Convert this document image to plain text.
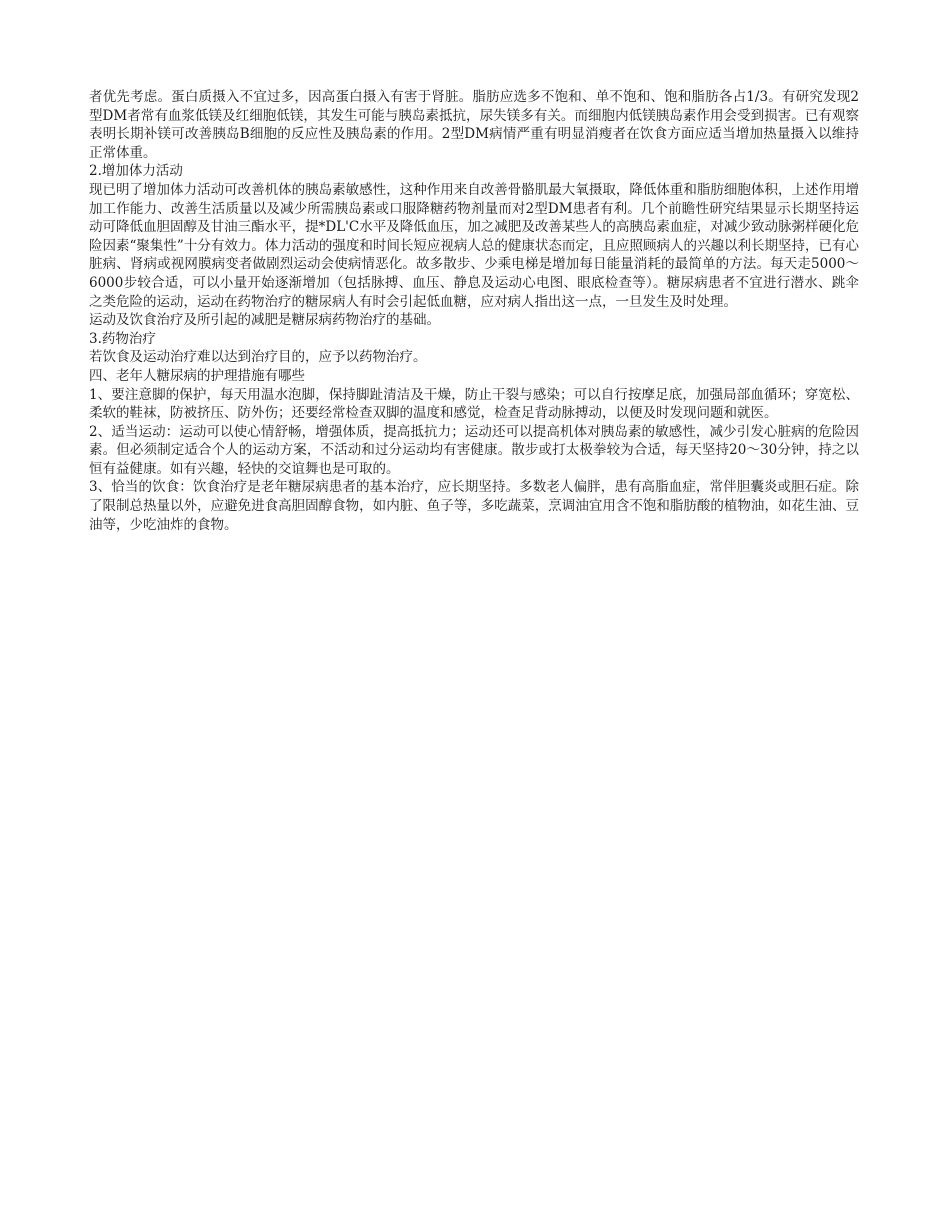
者优先考虑。蛋白质摄入不宜过多，因高蛋白摄入有害于肾脏。脂肪应选多不饱和、单不饱和、饱和脂肪各占1/3。有研究发现2型DM者常有血浆低镁及红细胞低镁，其发生可能与胰岛素抵抗，尿失镁多有关。而细胞内低镁胰岛素作用会受到损害。已有观察表明长期补镁可改善胰岛B细胞的反应性及胰岛素的作用。2型DM病情严重有明显消瘦者在饮食方面应适当增加热量摄入以维持正常体重。

2.增加体力活动

现已明了增加体力活动可改善机体的胰岛素敏感性，这种作用来自改善骨骼肌最大氧摄取，降低体重和脂肪细胞体积，上述作用增加工作能力、改善生活质量以及减少所需胰岛素或口服降糖药物剂量而对2型DM患者有利。几个前瞻性研究结果显示长期坚持运动可降低血胆固醇及甘油三酯水平，提*DL'C水平及降低血压，加之减肥及改善某些人的高胰岛素血症，对减少致动脉粥样硬化危险因素“聚集性”十分有效力。体力活动的强度和时间长短应视病人总的健康状态而定，且应照顾病人的兴趣以利长期坚持，已有心脏病、肾病或视网膜病变者做剧烈运动会使病情恶化。故多散步、少乘电梯是增加每日能量消耗的最简单的方法。每天走5000～6000步较合适，可以小量开始逐渐增加（包括脉搏、血压、静息及运动心电图、眼底检查等）。糖尿病患者不宜进行潜水、跳伞之类危险的运动，运动在药物治疗的糖尿病人有时会引起低血糖，应对病人指出这一点，一旦发生及时处理。

运动及饮食治疗及所引起的减肥是糖尿病药物治疗的基础。

3.药物治疗

若饮食及运动治疗难以达到治疗目的，应予以药物治疗。

四、老年人糖尿病的护理措施有哪些

1、要注意脚的保护，每天用温水泡脚，保持脚趾清洁及干燥，防止干裂与感染；可以自行按摩足底，加强局部血循环；穿宽松、柔软的鞋袜，防被挤压、防外伤；还要经常检查双脚的温度和感觉，检查足背动脉搏动，以便及时发现问题和就医。

2、适当运动：运动可以使心情舒畅，增强体质，提高抵抗力；运动还可以提高机体对胰岛素的敏感性，减少引发心脏病的危险因素。但必须制定适合个人的运动方案，不活动和过分运动均有害健康。散步或打太极拳较为合适，每天坚持20～30分钟，持之以恒有益健康。如有兴趣，轻快的交谊舞也是可取的。

3、恰当的饮食：饮食治疗是老年糖尿病患者的基本治疗，应长期坚持。多数老人偏胖，患有高脂血症，常伴胆囊炎或胆石症。除了限制总热量以外，应避免进食高胆固醇食物，如内脏、鱼子等，多吃蔬菜，烹调油宜用含不饱和脂肪酸的植物油，如花生油、豆油等，少吃油炸的食物。
